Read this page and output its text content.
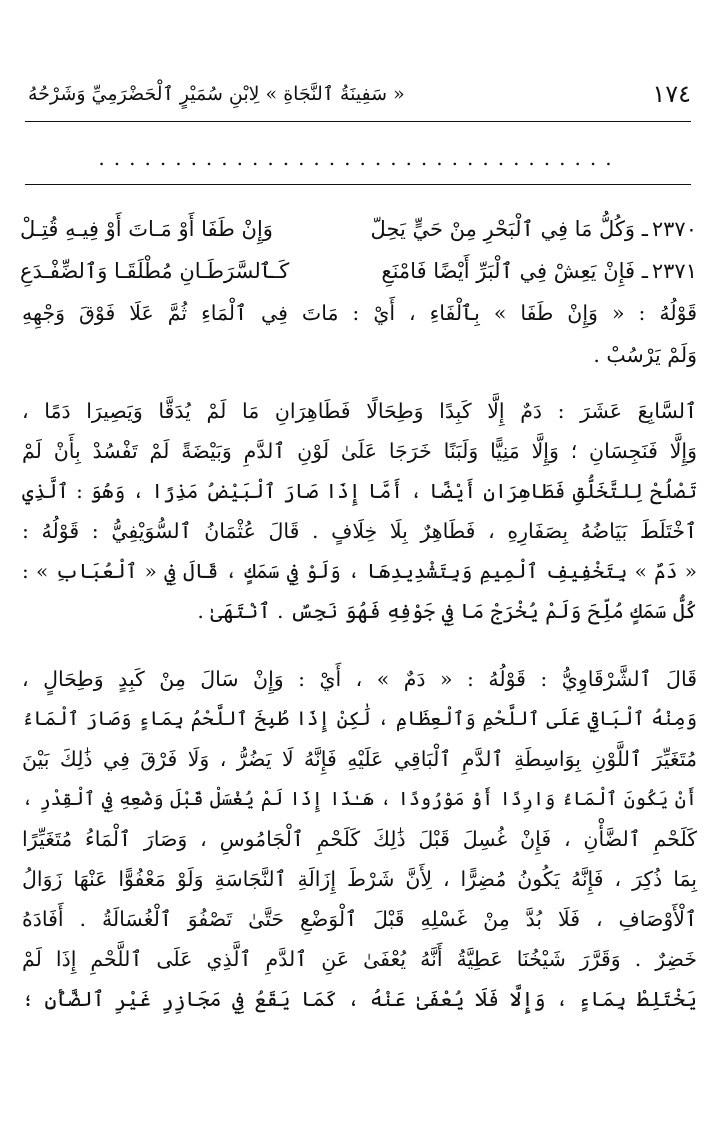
١٧٤
« سَفِينَةُ ٱلنَّجَاةِ » لِابْنِ سُمَيْرٍ ٱلْحَضْرَمِيِّ وَشَرْحُهُ
..................................
٢٣٧٠ـ وَكُلُّ مَا فِي ٱلْبَحْرِ مِنْ حَيٍّ يَحِلّ
وَإِنْ طَفَا أَوْ مَـاتَ أَوْ فِيـهِ قُتِـلْ
٢٣٧١ـ فَإِنْ يَعِشْ فِي ٱلْبَرِّ أَيْضًا فَامْنَعِ
كَـٱلسَّرَطَـانِ مُطْلَقَـا وَٱلضِّفْـدَعِ
قَوْلُهُ : « وَإِنْ طَفَا » بِٱلْفَاءِ ، أَيْ : مَاتَ فِي ٱلْمَاءِ ثُمَّ عَلَا فَوْقَ وَجْهِهِ
وَلَمْ يَرْسُبْ .
ٱلسَّابِعَ عَشَرَ : دَمٌ إِلَّا كَبِدًا وَطِحَالًا فَطَاهِرَانِ مَا لَمْ يُدَقَّا وَيَصِيرَا دَمًا ،
وَإِلَّا فَنَجِسَانِ ؛ وَإِلَّا مَنِيًّا وَلَبَنًا خَرَجَا عَلَىٰ لَوْنِ ٱلدَّمِ وَبَيْضَةً لَمْ تَفْسُدْ بِأَنْ لَمْ
تَصْلُحْ لِلتَّخَلُّقِ فَطَاهِرَانِ أَيْضًا ، أَمَّا إِذَا صَارَ ٱلْبَيْضُ مَذِرًا ، وَهُوَ : ٱلَّذِي
ٱخْتَلَطَ بَيَاضُهُ بِصَفَارِهِ ، فَطَاهِرٌ بِلَا خِلَافٍ . قَالَ عُثْمَانُ ٱلسُّوَيْفِيُّ : قَوْلُهُ :
« دَمٌ » بِتَخْفِيفِ ٱلْمِيمِ وَبِتَشْدِيدِهَا ، وَلَوْ فِي سَمَكٍ ، قَالَ فِي « ٱلْعُبَابِ » :
كُلُّ سَمَكٍ مُلِّحَ وَلَمْ يُخْرَجْ مَا فِي جَوْفِهِ فَهُوَ نَجِسٌ . ٱنْتَهَىٰ .
قَالَ ٱلشَّرْقَاوِيُّ : قَوْلُهُ : « دَمٌ » ، أَيْ : وَإِنْ سَالَ مِنْ كَبِدٍ وَطِحَالٍ ،
وَمِنْهُ ٱلْبَاقِي عَلَى ٱللَّحْمِ وَٱلْعِظَامِ ، لَٰكِنْ إِذَا طُبِخَ ٱللَّحْمُ بِمَاءٍ وَصَارَ ٱلْمَاءُ
مُتَغَيِّرَ ٱللَّوْنِ بِوَاسِطَةِ ٱلدَّمِ ٱلْبَاقِي عَلَيْهِ فَإِنَّهُ لَا يَضُرُّ ، وَلَا فَرْقَ فِي ذَٰلِكَ بَيْنَ
أَنْ يَكُونَ ٱلْمَاءُ وَارِدًا أَوْ مَوْرُودًا ، هَـٰذَا إِذَا لَمْ يُغْسَلْ قَبْلَ وَضْعِهِ فِي ٱلْقِدْرِ ،
كَلَحْمِ ٱلضَّأْنِ ، فَإِنْ غُسِلَ قَبْلَ ذَٰلِكَ كَلَحْمِ ٱلْجَامُوسِ ، وَصَارَ ٱلْمَاءُ مُتَغَيِّرًا
بِمَا ذُكِرَ ، فَإِنَّهُ يَكُونُ مُضِرًّا ، لِأَنَّ شَرْطَ إِزَالَةِ ٱلنَّجَاسَةِ وَلَوْ مَعْفُوًّا عَنْهَا زَوَالُ
ٱلْأَوْصَافِ ، فَلَا بُدَّ مِنْ غَسْلِهِ قَبْلَ ٱلْوَضْعِ حَتَّىٰ تَصْفُوَ ٱلْغُسَالَةُ . أَفَادَهُ
خَضِرٌ . وَقَرَّرَ شَيْخُنَا عَطِيَّةُ أَنَّهُ يُعْفَىٰ عَنِ ٱلدَّمِ ٱلَّذِي عَلَى ٱللَّحْمِ إِذَا لَمْ
يَخْتَلِطْ بِمَاءٍ ، وَإِلَّا فَلَا يُعْفَىٰ عَنْهُ ، كَمَا يَقَعُ فِي مَجَازِرِ غَيْرِ ٱلضَّأْنِ ؛
